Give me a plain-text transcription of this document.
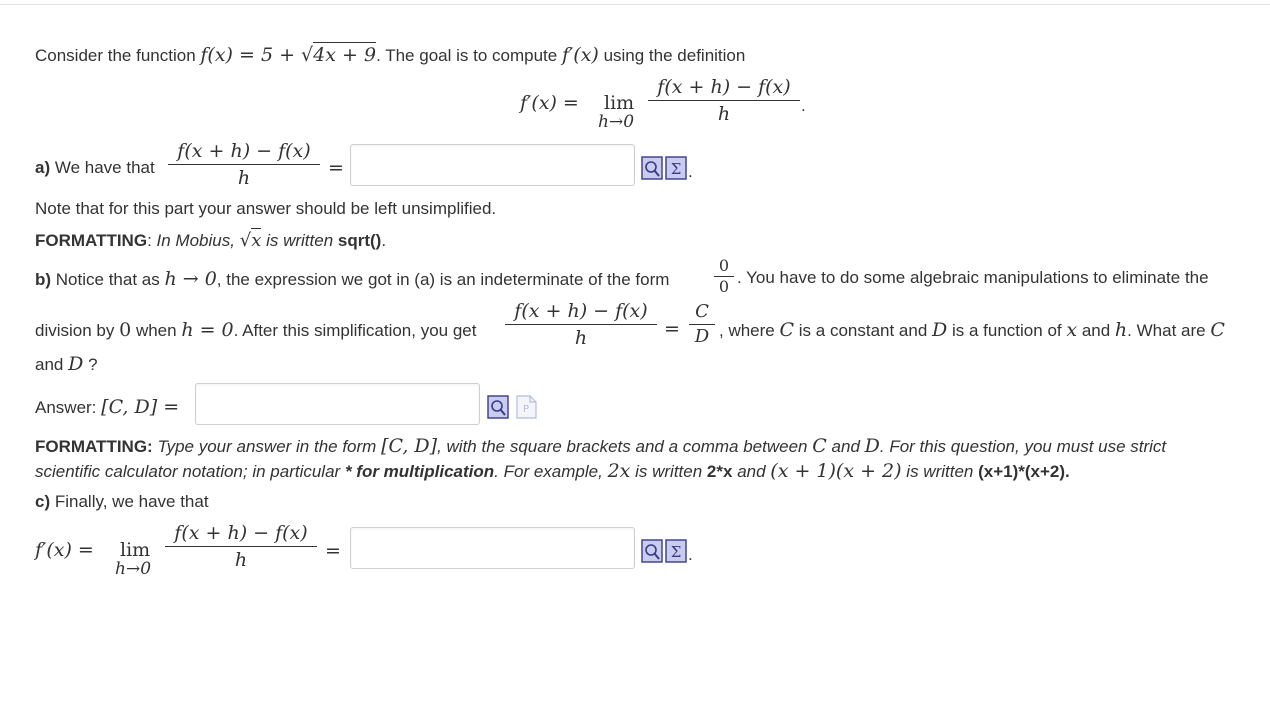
Consider the function f(x) = 5 + √4x + 9. The goal is to compute f′(x) using the definition
f′(x) = lim
h→0
f(x + h) − f(x)
h	.
a) We have that
f(x + h) − f(x)
h	=	Σ .
Note that for this part your answer should be left unsimplified.
FORMATTING: In Mobius, √x is written sqrt().
b) Notice that as h → 0, the expression we got in (a) is an indeterminate of the form
0
0 . You have to do some algebraic manipulations to eliminate the
division by 0 when h = 0. After this simplification, you get
f(x + h) − f(x)
h	=
C
D , where C is a constant and D is a function of x and h. What are C
and D ?
Answer: [C, D] =	P
FORMATTING: Type your answer in the form [C, D], with the square brackets and a comma between C and D. For this question, you must use strict
scientific calculator notation; in particular * for multiplication. For example, 2x is written 2*x and (x + 1)(x + 2) is written (x+1)*(x+2).
c) Finally, we have that
f′(x) = lim
h→0
f(x + h) − f(x)
h	=	Σ .
